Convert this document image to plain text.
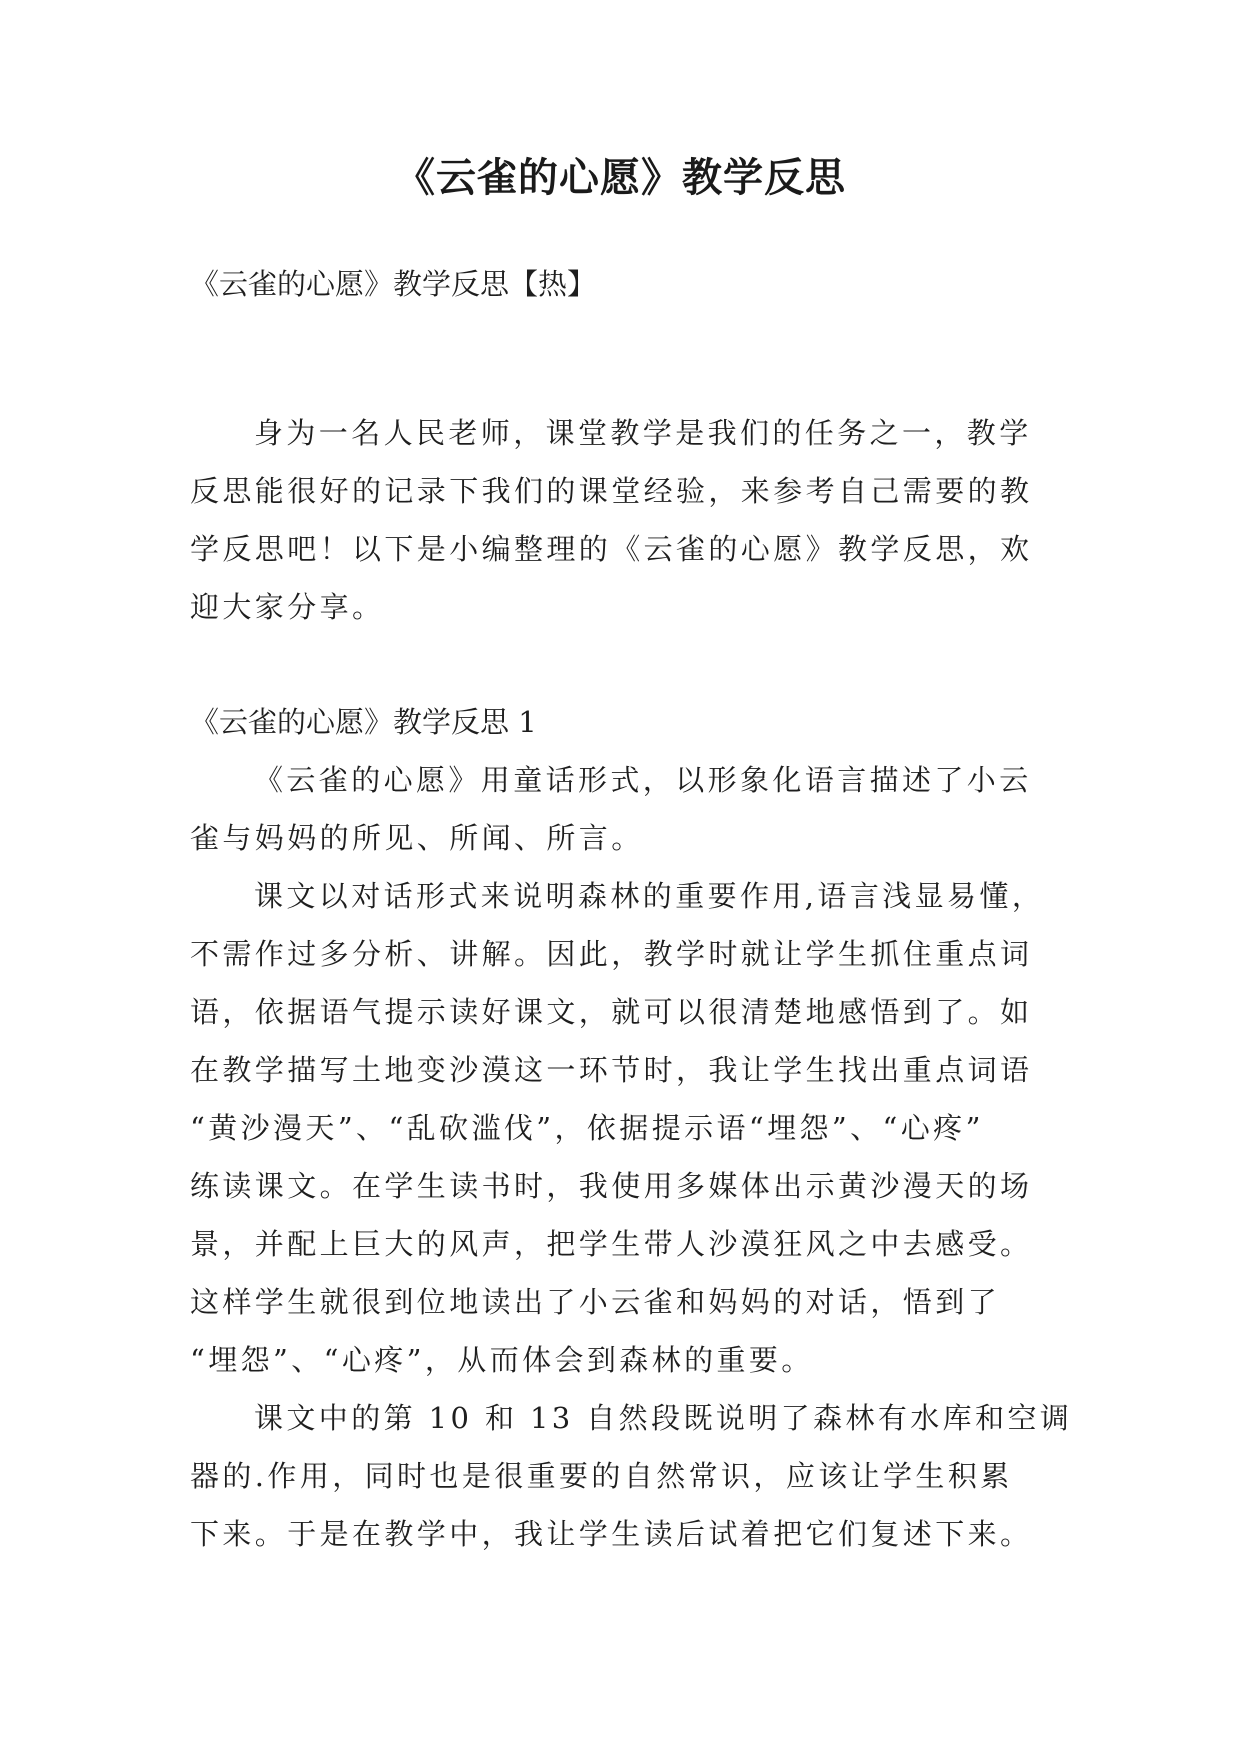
《云雀的心愿》教学反思
《云雀的心愿》教学反思【热】
身为一名人民老师，课堂教学是我们的任务之一，教学
反思能很好的记录下我们的课堂经验，来参考自己需要的教
学反思吧！以下是小编整理的《云雀的心愿》教学反思，欢
迎大家分享。
《云雀的心愿》教学反思 1
《云雀的心愿》用童话形式，以形象化语言描述了小云
雀与妈妈的所见、所闻、所言。
课文以对话形式来说明森林的重要作用,语言浅显易懂，
不需作过多分析、讲解。因此，教学时就让学生抓住重点词
语，依据语气提示读好课文，就可以很清楚地感悟到了。如
在教学描写土地变沙漠这一环节时，我让学生找出重点词语
“黄沙漫天”、“乱砍滥伐”，依据提示语“埋怨”、“心疼”
练读课文。在学生读书时，我使用多媒体出示黄沙漫天的场
景，并配上巨大的风声，把学生带人沙漠狂风之中去感受。
这样学生就很到位地读出了小云雀和妈妈的对话，悟到了
“埋怨”、“心疼”，从而体会到森林的重要。
课文中的第 10 和 13 自然段既说明了森林有水库和空调
器的.作用，同时也是很重要的自然常识，应该让学生积累
下来。于是在教学中，我让学生读后试着把它们复述下来。
